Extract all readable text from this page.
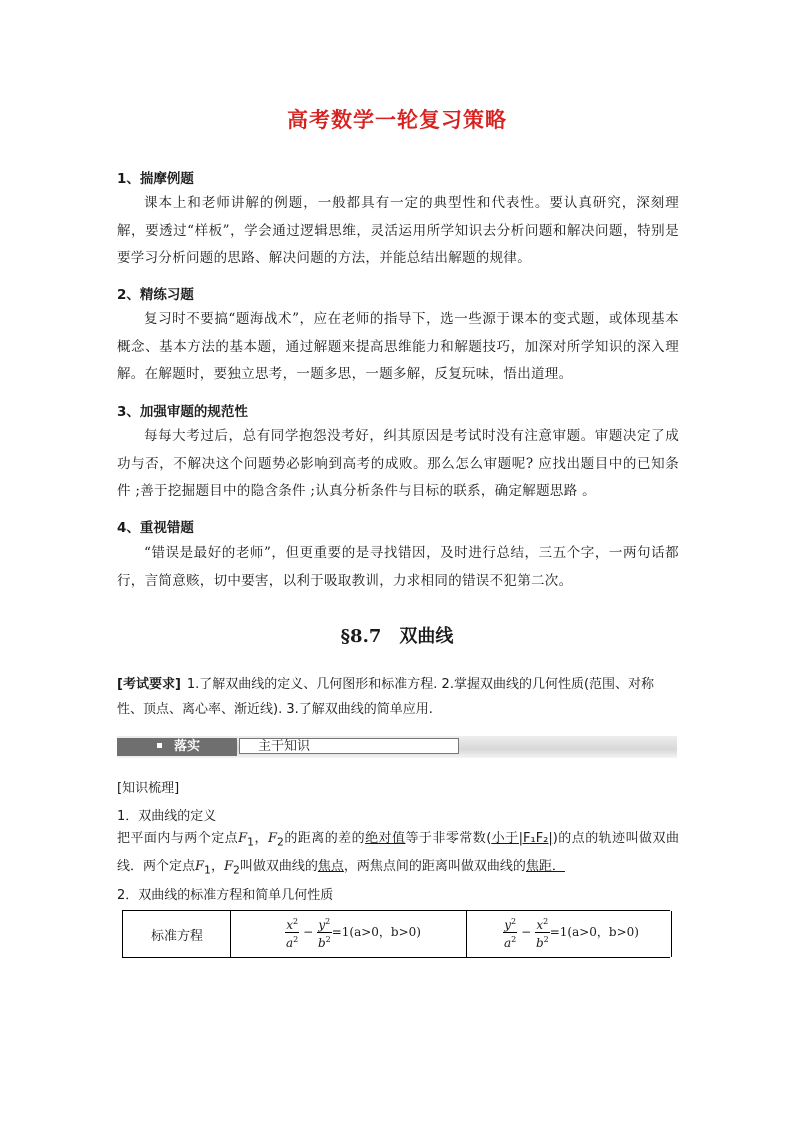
高考数学一轮复习策略
1、揣摩例题
课本上和老师讲解的例题，一般都具有一定的典型性和代表性。要认真研究，深刻理解，要透过“样板”，学会通过逻辑思维，灵活运用所学知识去分析问题和解决问题，特别是要学习分析问题的思路、解决问题的方法，并能总结出解题的规律。
2、精练习题
复习时不要搞“题海战术”，应在老师的指导下，选一些源于课本的变式题，或体现基本概念、基本方法的基本题，通过解题来提高思维能力和解题技巧，加深对所学知识的深入理解。在解题时，要独立思考，一题多思，一题多解，反复玩味，悟出道理。
3、加强审题的规范性
每每大考过后，总有同学抱怨没考好，纠其原因是考试时没有注意审题。审题决定了成功与否，不解决这个问题势必影响到高考的成败。那么怎么审题呢? 应找出题目中的已知条件 ;善于挖掘题目中的隐含条件 ;认真分析条件与目标的联系，确定解题思路 。
4、重视错题
“错误是最好的老师”，但更重要的是寻找错因，及时进行总结，三五个字，一两句话都行，言简意赅，切中要害，以利于吸取教训，力求相同的错误不犯第二次。
§8.7 双曲线
[考试要求] 1.了解双曲线的定义、几何图形和标准方程. 2.掌握双曲线的几何性质(范围、对称性、顶点、离心率、渐近线). 3.了解双曲线的简单应用.
落实	主干知识
[知识梳理]
1．双曲线的定义
把平面内与两个定点$F_1$，$F_2$的距离的差的绝对值等于非零常数(小于|F₁F₂|)的点的轨迹叫做双曲线．两个定点$F_1$，$F_2$叫做双曲线的焦点，两焦点间的距离叫做双曲线的焦距．
2．双曲线的标准方程和简单几何性质
标准方程	$\frac{x^2}{a^2} - \frac{y^2}{b^2} =1(a>0$，b>0)	$\frac{y^2}{a^2} - \frac{x^2}{b^2} =1(a>0$，b>0)
